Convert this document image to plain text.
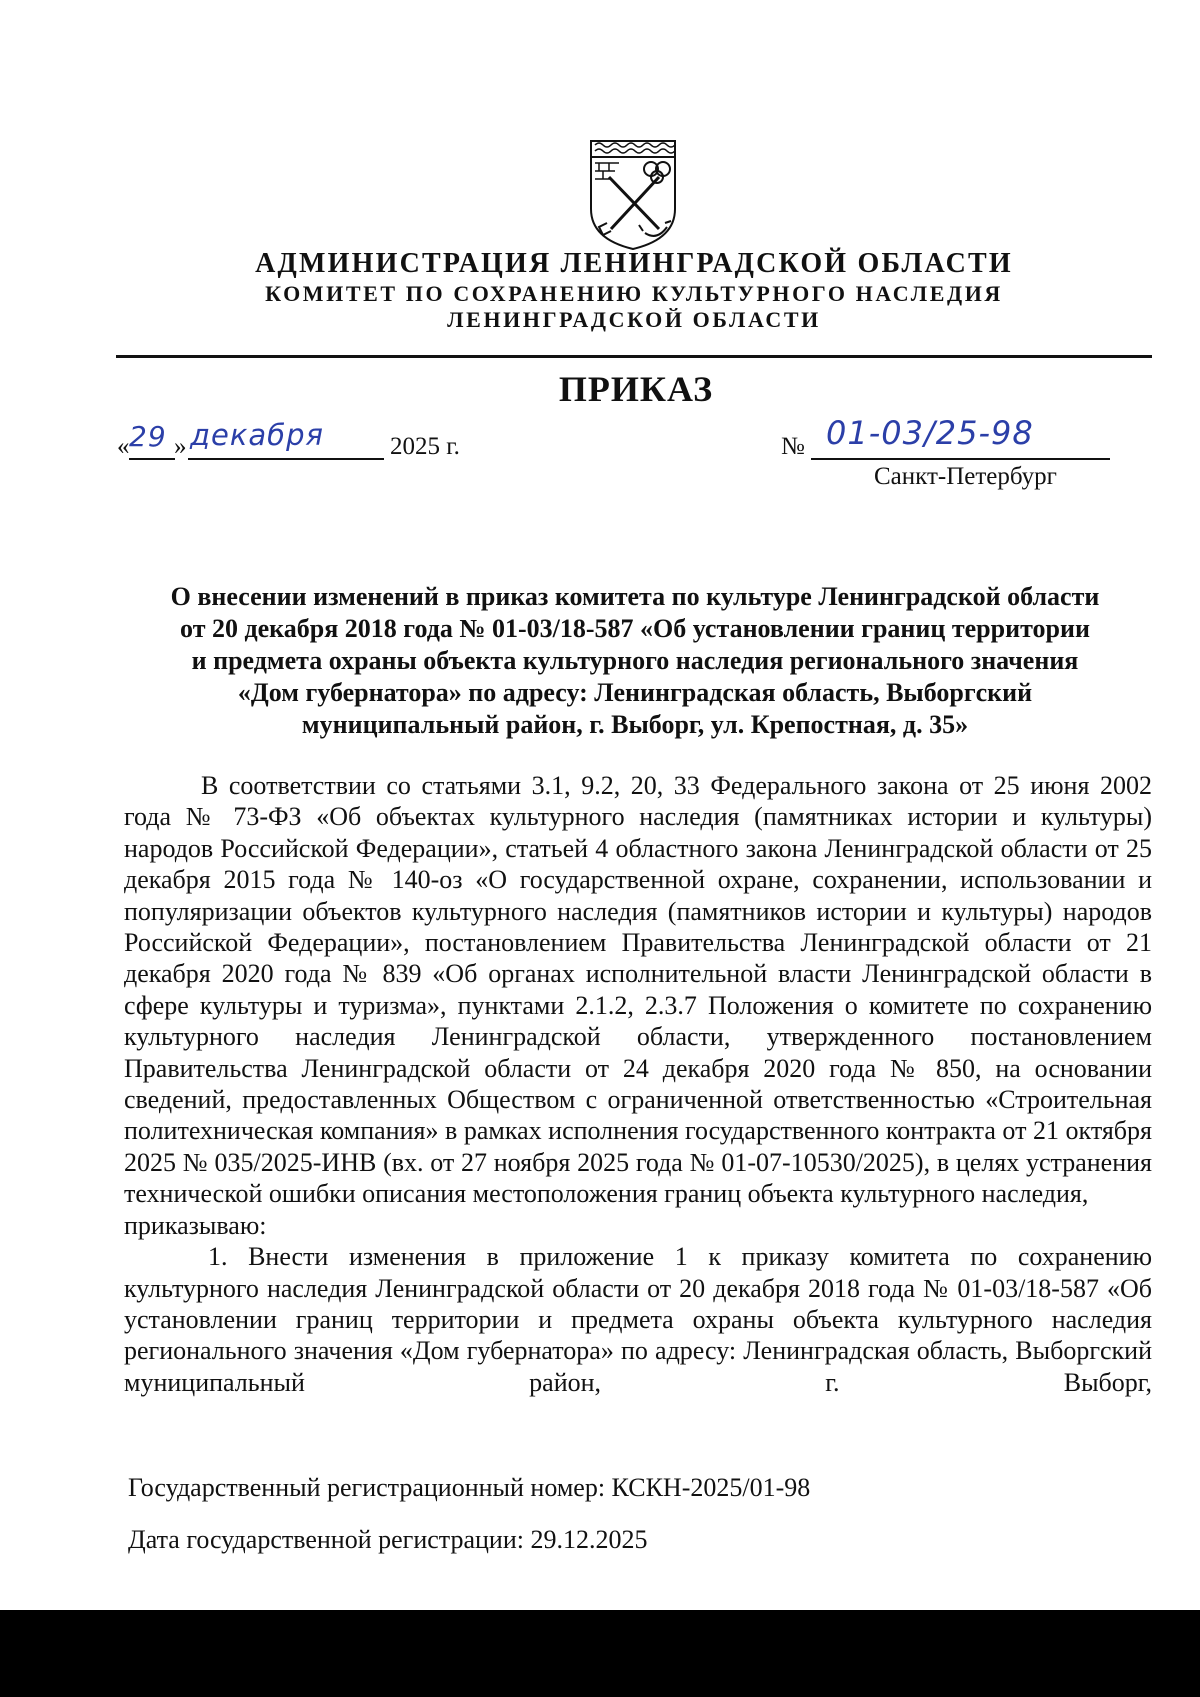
АДМИНИСТРАЦИЯ ЛЕНИНГРАДСКОЙ ОБЛАСТИ
КОМИТЕТ ПО СОХРАНЕНИЮ КУЛЬТУРНОГО НАСЛЕДИЯ
ЛЕНИНГРАДСКОЙ ОБЛАСТИ
ПРИКАЗ
« 29 » декабря	2025 г.	№ 01-03/25-98
Санкт-Петербург
О внесении изменений в приказ комитета по культуре Ленинградской области
от 20 декабря 2018 года № 01-03/18-587 «Об установлении границ территории
и предмета охраны объекта культурного наследия регионального значения
«Дом губернатора» по адресу: Ленинградская область, Выборгский
муниципальный район, г. Выборг, ул. Крепостная, д. 35»

В соответствии со статьями 3.1, 9.2, 20, 33 Федерального закона от 25 июня 2002 года № 73-ФЗ «Об объектах культурного наследия (памятниках истории и культуры) народов Российской Федерации», статьей 4 областного закона Ленинградской области от 25 декабря 2015 года № 140-оз «О государственной охране, сохранении, использовании и популяризации объектов культурного наследия (памятников истории и культуры) народов Российской Федерации», постановлением Правительства Ленинградской области от 21 декабря 2020 года № 839 «Об органах исполнительной власти Ленинградской области в сфере культуры и туризма», пунктами 2.1.2, 2.3.7 Положения о комитете по сохранению культурного наследия Ленинградской области, утвержденного постановлением Правительства Ленинградской области от 24 декабря 2020 года № 850, на основании сведений, предоставленных Обществом с ограниченной ответственностью «Строительная политехническая компания» в рамках исполнения государственного контракта от 21 октября 2025 № 035/2025-ИНВ (вх. от 27 ноября 2025 года № 01-07-10530/2025), в целях устранения технической ошибки описания местоположения границ объекта культурного наследия,

приказываю:

1. Внести изменения в приложение 1 к приказу комитета по сохранению культурного наследия Ленинградской области от 20 декабря 2018 года № 01-03/18-587 «Об установлении границ территории и предмета охраны объекта культурного наследия регионального значения «Дом губернатора» по адресу: Ленинградская область, Выборгский муниципальный район, г. Выборг,

Государственный регистрационный номер: КСКН-2025/01-98

Дата государственной регистрации: 29.12.2025
